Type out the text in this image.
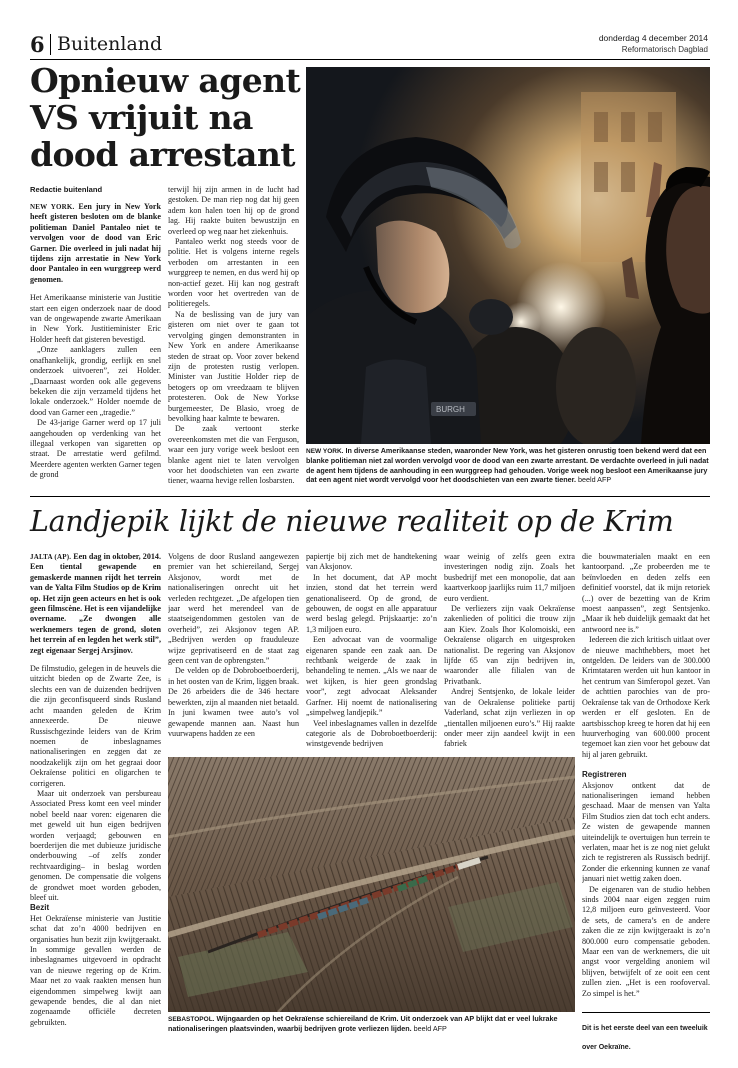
6 Buitenland	donderdag 4 december 2014
Reformatorisch Dagblad
Opnieuw agent
VS vrijuit na
dood arrestant
Redactie buitenland

NEW YORK. Een jury in New York heeft gisteren besloten om de blanke politieman Daniel Pantaleo niet te vervolgen voor de dood van Eric Garner. Die overleed in juli nadat hij tijdens zijn arrestatie in New York door Pantaleo in een wurggreep werd genomen.

Het Amerikaanse ministerie van Justitie start een eigen onderzoek naar de dood van de ongewapende zwarte Amerikaan in New York. Justitieminister Eric Holder heeft dat gisteren bevestigd.

„Onze aanklagers zullen een onafhankelijk, grondig, eerlijk en snel onderzoek uitvoeren”, zei Holder. „Daarnaast worden ook alle gegevens bekeken die zijn verzameld tijdens het lokale onderzoek.” Holder noemde de dood van Garner een „tragedie.”

De 43-jarige Garner werd op 17 juli aangehouden op verdenking van het illegaal verkopen van sigaretten op straat. De arrestatie werd gefilmd. Meerdere agenten werkten Garner tegen de grond

terwijl hij zijn armen in de lucht had gestoken. De man riep nog dat hij geen adem kon halen toen hij op de grond lag. Hij raakte buiten bewustzijn en overleed op weg naar het ziekenhuis.

Pantaleo werkt nog steeds voor de politie. Het is volgens interne regels verboden om arrestanten in een wurggreep te nemen, en dus werd hij op non-actief gezet. Hij kan nog gestraft worden voor het overtreden van de politieregels.

Na de beslissing van de jury van gisteren om niet over te gaan tot vervolging gingen demonstranten in New York en andere Amerikaanse steden de straat op. Voor zover bekend zijn de protesten rustig verlopen. Minister van Justitie Holder riep de betogers op om vreedzaam te blijven protesteren. Ook de New Yorkse burgemeester, De Blasio, vroeg de bevolking haar kalmte te bewaren.

De zaak vertoont sterke overeenkomsten met die van Ferguson, waar een jury vorige week besloot een blanke agent niet te laten vervolgen voor het doodschieten van een zwarte tiener, waarna hevige rellen losbarsten.

BURGH
NEW YORK. In diverse Amerikaanse steden, waaronder New York, was het gisteren onrustig toen bekend werd dat een blanke politieman niet zal worden vervolgd voor de dood van een zwarte arrestant. De verdachte overleed in juli nadat de agent hem tijdens de aanhouding in een wurggreep had gehouden. Vorige week nog besloot een Amerikaanse jury dat een agent niet wordt vervolgd voor het doodschieten van een zwarte tiener. beeld AFP
Landjepik lijkt de nieuwe realiteit op de Krim

JALTA (AP). Een dag in oktober, 2014. Een tiental gewapende en gemaskerde mannen rijdt het terrein van de Yalta Film Studios op de Krim op. Het zijn geen acteurs en het is ook geen filmscène. Het is een vijandelijke overname. „Ze dwongen alle werknemers tegen de grond, sloten het terrein af en legden het werk stil”, zegt eigenaar Sergej Arsjinov.

De filmstudio, gelegen in de heuvels die uitzicht bieden op de Zwarte Zee, is slechts een van de duizenden bedrijven die zijn geconfisqueerd sinds Rusland acht maanden geleden de Krim annexeerde. De nieuwe Russischgezinde leiders van de Krim noemen de inbeslagnames nationaliseringen en zeggen dat ze noodzakelijk zijn om het gegraai door Oekraïense politici en oligarchen te corrigeren.

Maar uit onderzoek van persbureau Associated Press komt een veel minder nobel beeld naar voren: eigenaren die met geweld uit hun eigen bedrijven worden verjaagd; gebouwen en boerderijen die met dubieuze juridische onderbouwing –of zelfs zonder rechtvaardiging– in beslag worden genomen. De compensatie die volgens de grondwet moet worden geboden, bleef uit.

Bezit

Het Oekraïense ministerie van Justitie schat dat zo’n 4000 bedrijven en organisaties hun bezit zijn kwijtgeraakt. In sommige gevallen werden de inbeslagnames uitgevoerd in opdracht van de nieuwe regering op de Krim. Maar net zo vaak raakten mensen hun eigendommen simpelweg kwijt aan gewapende bendes, die al dan niet zogenaamde officiële decreten gebruikten.

Volgens de door Rusland aangewezen premier van het schiereiland, Sergej Aksjonov, wordt met de nationaliseringen onrecht uit het verleden rechtgezet. „De afgelopen tien jaar werd het merendeel van de staatseigendommen gestolen van de overheid”, zei Aksjonov tegen AP. „Bedrijven werden op frauduleuze wijze geprivatiseerd en de staat zag geen cent van de opbrengsten.”

De velden op de Dobroboetboerderij, in het oosten van de Krim, liggen braak. De 26 arbeiders die de 346 hectare bewerkten, zijn al maanden niet betaald. In juni kwamen twee auto’s vol gewapende mannen aan. Naast hun vuurwapens hadden ze een

papiertje bij zich met de handtekening van Aksjonov.

In het document, dat AP mocht inzien, stond dat het terrein werd genationaliseerd. Op de grond, de gebouwen, de oogst en alle apparatuur werd beslag gelegd. Prijskaartje: zo’n 1,3 miljoen euro.

Een advocaat van de voormalige eigenaren spande een zaak aan. De rechtbank weigerde de zaak in behandeling te nemen. „Als we naar de wet kijken, is hier geen grondslag voor”, zegt advocaat Aleksander Garfner. Hij noemt de nationalisering „simpelweg landjepik.”

Veel inbeslagnames vallen in dezelfde categorie als de Dobroboetboerderij: winstgevende bedrijven

waar weinig of zelfs geen extra investeringen nodig zijn. Zoals het busbedrijf met een monopolie, dat aan kaartverkoop jaarlijks ruim 11,7 miljoen euro verdient.

De verliezers zijn vaak Oekraïense zakenlieden of politici die trouw zijn aan Kiev. Zoals Ihor Kolomoiski, een Oekraïense oligarch en uitgesproken nationalist. De regering van Aksjonov lijfde 65 van zijn bedrijven in, waaronder alle filialen van de Privatbank.

Andrej Sentsjenko, de lokale leider van de Oekraïense politieke partij Vaderland, schat zijn verliezen in op „tientallen miljoenen euro’s.” Hij raakte onder meer zijn aandeel kwijt in een fabriek

die bouwmaterialen maakt en een kantoorpand. „Ze probeerden me te beïnvloeden en deden zelfs een definitief voorstel, dat ik mijn retoriek (...) over de bezetting van de Krim moest aanpassen”, zegt Sentsjenko. „Maar ik heb duidelijk gemaakt dat het antwoord nee is.”

Iedereen die zich kritisch uitlaat over de nieuwe machthebbers, moet het ontgelden. De leiders van de 300.000 Krimtataren werden uit hun kantoor in het centrum van Simferopol gezet. Van de achttien parochies van de pro-Oekraïense tak van de Orthodoxe Kerk werden er elf gesloten. En de aartsbisschop kreeg te horen dat hij een huurverhoging van 600.000 procent tegemoet kan zien voor het gebouw dat hij al jaren gebruikt.

Registreren

Aksjonov ontkent dat de nationaliseringen iemand hebben geschaad. Maar de mensen van Yalta Film Studios zien dat toch echt anders. Ze wisten de gewapende mannen uiteindelijk te overtuigen hun terrein te verlaten, maar het is ze nog niet gelukt zich te registreren als Russisch bedrijf. Zonder die erkenning kunnen ze vanaf januari niet wettig zaken doen.

De eigenaren van de studio hebben sinds 2004 naar eigen zeggen ruim 12,8 miljoen euro geïnvesteerd. Voor de sets, de camera’s en de andere zaken die ze zijn kwijtgeraakt is zo’n 800.000 euro compensatie geboden. Maar een van de werknemers, die uit angst voor vergelding anoniem wil blijven, betwijfelt of ze ooit een cent zullen zien. „Het is een roofoverval. Zo simpel is het.”

Dit is het eerste deel van een tweeluik over Oekraïne.
SEBASTOPOL. Wijngaarden op het Oekraïense schiereiland de Krim. Uit onderzoek van AP blijkt dat er veel lukrake nationaliseringen plaatsvinden, waarbij bedrijven grote verliezen lijden. beeld AFP
